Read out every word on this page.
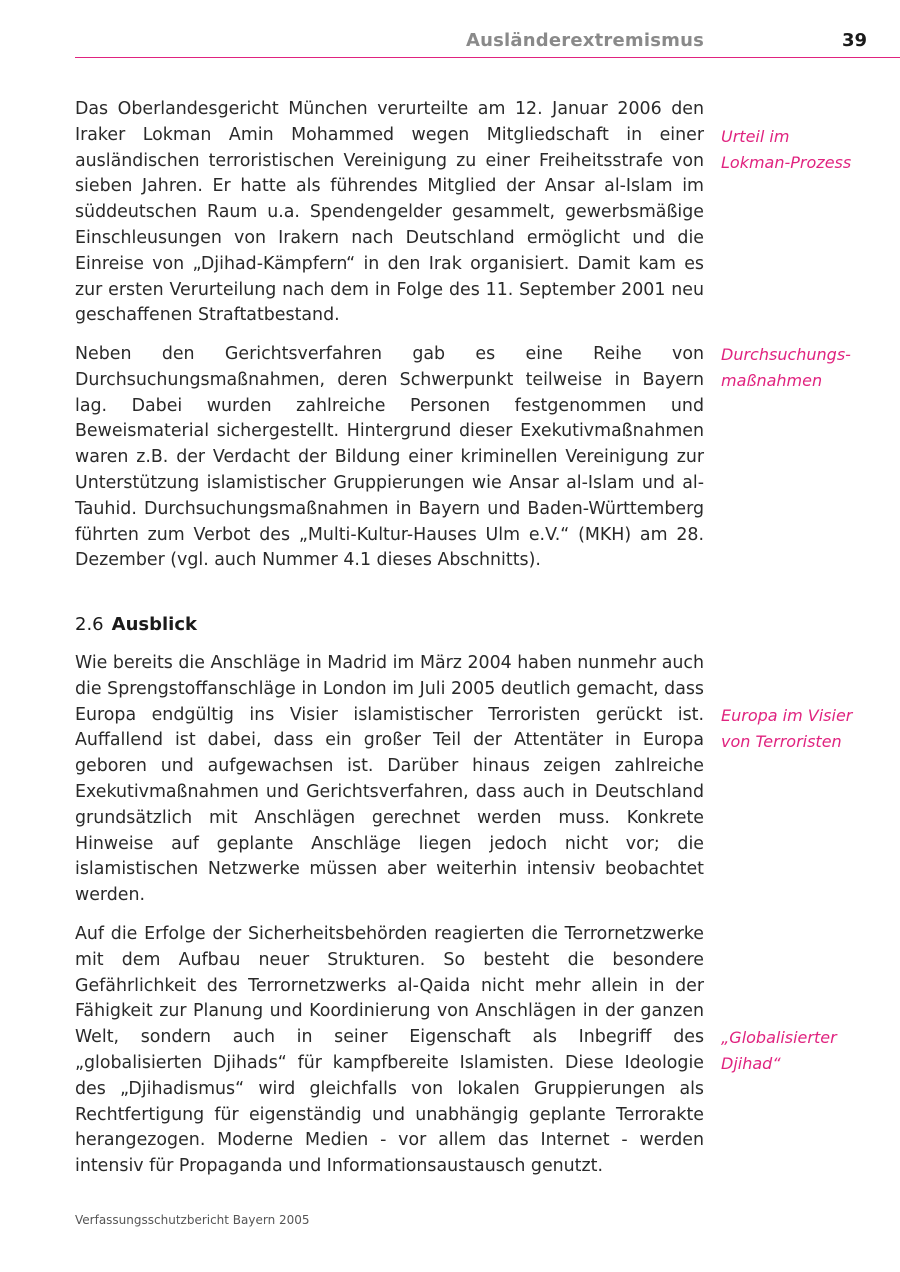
Ausländerextremismus	39

Das Oberlandesgericht München verurteilte am 12. Januar 2006 den Iraker Lokman Amin Mohammed wegen Mitgliedschaft in einer ausländischen terroristischen Vereinigung zu einer Freiheitsstrafe von sieben Jahren. Er hatte als führendes Mitglied der Ansar al-Islam im süddeutschen Raum u.a. Spendengelder gesammelt, gewerbsmäßige Einschleusungen von Irakern nach Deutschland ermöglicht und die Einreise von „Djihad-Kämpfern“ in den Irak organisiert. Damit kam es zur ersten Verurteilung nach dem in Folge des 11. September 2001 neu geschaffenen Straftatbestand.

Urteil im
Lokman-Prozess

Neben den Gerichtsverfahren gab es eine Reihe von Durchsuchungsmaßnahmen, deren Schwerpunkt teilweise in Bayern lag. Dabei wurden zahlreiche Personen festgenommen und Beweismaterial sichergestellt. Hintergrund dieser Exekutivmaßnahmen waren z.B. der Verdacht der Bildung einer kriminellen Vereinigung zur Unterstützung islamistischer Gruppierungen wie Ansar al-Islam und al-Tauhid. Durchsuchungsmaßnahmen in Bayern und Baden-Württemberg führten zum Verbot des „Multi-Kultur-Hauses Ulm e.V.“ (MKH) am 28. Dezember (vgl. auch Nummer 4.1 dieses Abschnitts).

Durchsuchungs-
maßnahmen

2.6 Ausblick

Wie bereits die Anschläge in Madrid im März 2004 haben nunmehr auch die Sprengstoffanschläge in London im Juli 2005 deutlich gemacht, dass Europa endgültig ins Visier islamistischer Terroristen gerückt ist. Auffallend ist dabei, dass ein großer Teil der Attentäter in Europa geboren und aufgewachsen ist. Darüber hinaus zeigen zahlreiche Exekutivmaßnahmen und Gerichtsverfahren, dass auch in Deutschland grundsätzlich mit Anschlägen gerechnet werden muss. Konkrete Hinweise auf geplante Anschläge liegen jedoch nicht vor; die islamistischen Netzwerke müssen aber weiterhin intensiv beobachtet werden.

Europa im Visier
von Terroristen

Auf die Erfolge der Sicherheitsbehörden reagierten die Terrornetzwerke mit dem Aufbau neuer Strukturen. So besteht die besondere Gefährlichkeit des Terrornetzwerks al-Qaida nicht mehr allein in der Fähigkeit zur Planung und Koordinierung von Anschlägen in der ganzen Welt, sondern auch in seiner Eigenschaft als Inbegriff des „globalisierten Djihads“ für kampfbereite Islamisten. Diese Ideologie des „Djihadismus“ wird gleichfalls von lokalen Gruppierungen als Rechtfertigung für eigenständig und unabhängig geplante Terrorakte herangezogen. Moderne Medien - vor allem das Internet - werden intensiv für Propaganda und Informationsaustausch genutzt.

„Globalisierter
Djihad“

Verfassungsschutzbericht Bayern 2005
